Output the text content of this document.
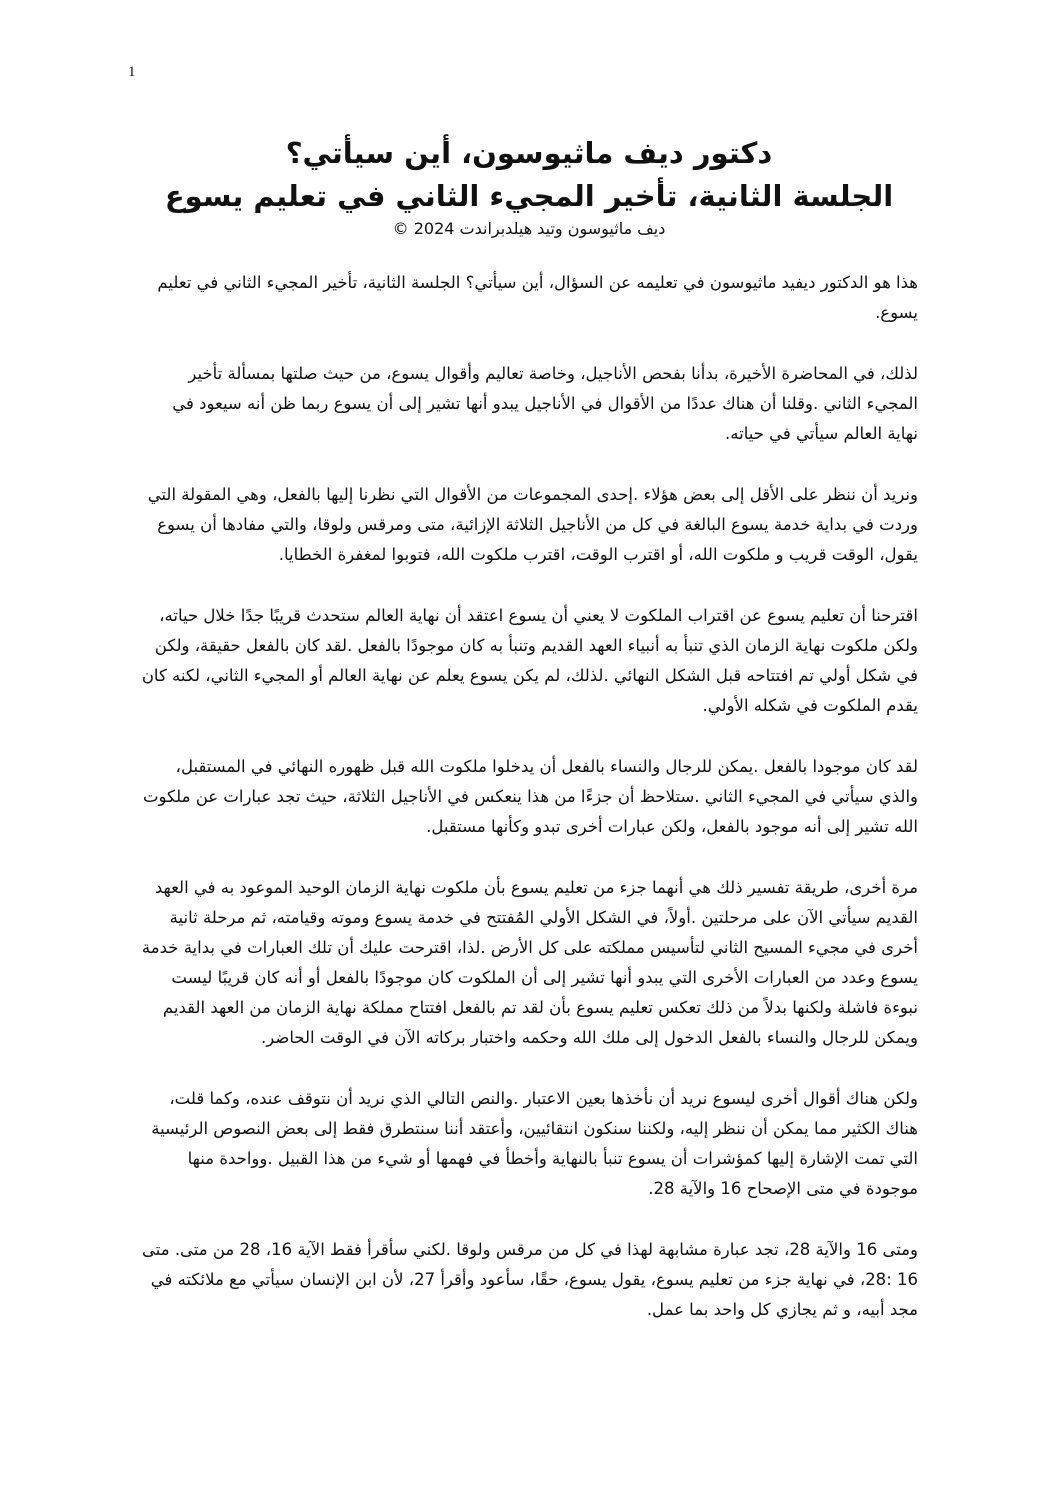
1

دكتور ديف ماثيوسون، أين سيأتي؟

الجلسة الثانية، تأخير المجيء الثاني في تعليم يسوع

ديف ماثيوسون وتيد هيلدبراندت 2024 ©

هذا هو الدكتور ديفيد ماثيوسون في تعليمه عن السؤال، أين سيأتي؟ الجلسة الثانية، تأخير المجيء الثاني في تعليم يسوع.

لذلك، في المحاضرة الأخيرة، بدأنا بفحص الأناجيل، وخاصة تعاليم وأقوال يسوع، من حيث صلتها بمسألة تأخير المجيء الثاني .وقلنا أن هناك عددًا من الأقوال في الأناجيل يبدو أنها تشير إلى أن يسوع ربما ظن أنه سيعود في نهاية العالم سيأتي في حياته.

ونريد أن ننظر على الأقل إلى بعض هؤلاء .إحدى المجموعات من الأقوال التي نظرنا إليها بالفعل، وهي المقولة التي وردت في بداية خدمة يسوع البالغة في كل من الأناجيل الثلاثة الإزائية، متى ومرقس ولوقا، والتي مفادها أن يسوع يقول، الوقت قريب و ملكوت الله، أو اقترب الوقت، اقترب ملكوت الله، فتوبوا لمغفرة الخطايا.

اقترحنا أن تعليم يسوع عن اقتراب الملكوت لا يعني أن يسوع اعتقد أن نهاية العالم ستحدث قريبًا جدًا خلال حياته، ولكن ملكوت نهاية الزمان الذي تنبأ به أنبياء العهد القديم وتنبأ به كان موجودًا بالفعل .لقد كان بالفعل حقيقة، ولكن في شكل أولي تم افتتاحه قبل الشكل النهائي .لذلك، لم يكن يسوع يعلم عن نهاية العالم أو المجيء الثاني، لكنه كان يقدم الملكوت في شكله الأولي.

لقد كان موجودا بالفعل .يمكن للرجال والنساء بالفعل أن يدخلوا ملكوت الله قبل ظهوره النهائي في المستقبل، والذي سيأتي في المجيء الثاني .ستلاحظ أن جزءًا من هذا ينعكس في الأناجيل الثلاثة، حيث تجد عبارات عن ملكوت الله تشير إلى أنه موجود بالفعل، ولكن عبارات أخرى تبدو وكأنها مستقبل.

مرة أخرى، طريقة تفسير ذلك هي أنهما جزء من تعليم يسوع بأن ملكوت نهاية الزمان الوحيد الموعود به في العهد القديم سيأتي الآن على مرحلتين .أولاً، في الشكل الأولي المُفتتح في خدمة يسوع وموته وقيامته، ثم مرحلة ثانية أخرى في مجيء المسيح الثاني لتأسيس مملكته على كل الأرض .لذا، اقترحت عليك أن تلك العبارات في بداية خدمة يسوع وعدد من العبارات الأخرى التي يبدو أنها تشير إلى أن الملكوت كان موجودًا بالفعل أو أنه كان قريبًا ليست نبوءة فاشلة ولكنها بدلاً من ذلك تعكس تعليم يسوع بأن لقد تم بالفعل افتتاح مملكة نهاية الزمان من العهد القديم ويمكن للرجال والنساء بالفعل الدخول إلى ملك الله وحكمه واختبار بركاته الآن في الوقت الحاضر.

ولكن هناك أقوال أخرى ليسوع نريد أن نأخذها بعين الاعتبار .والنص التالي الذي نريد أن نتوقف عنده، وكما قلت، هناك الكثير مما يمكن أن ننظر إليه، ولكننا سنكون انتقائيين، وأعتقد أننا سنتطرق فقط إلى بعض النصوص الرئيسية التي تمت الإشارة إليها كمؤشرات أن يسوع تنبأ بالنهاية وأخطأ في فهمها أو شيء من هذا القبيل .وواحدة منها موجودة في متى الإصحاح 16 والآية 28.

ومتى 16 والآية 28، تجد عبارة مشابهة لهذا في كل من مرقس ولوقا .لكني سأقرأ فقط الآية 16، 28 من متى. متى 16 :28، في نهاية جزء من تعليم يسوع، يقول يسوع، حقًا، سأعود وأقرأ 27، لأن ابن الإنسان سيأتي مع ملائكته في مجد أبيه، و ثم يجازي كل واحد بما عمل.
